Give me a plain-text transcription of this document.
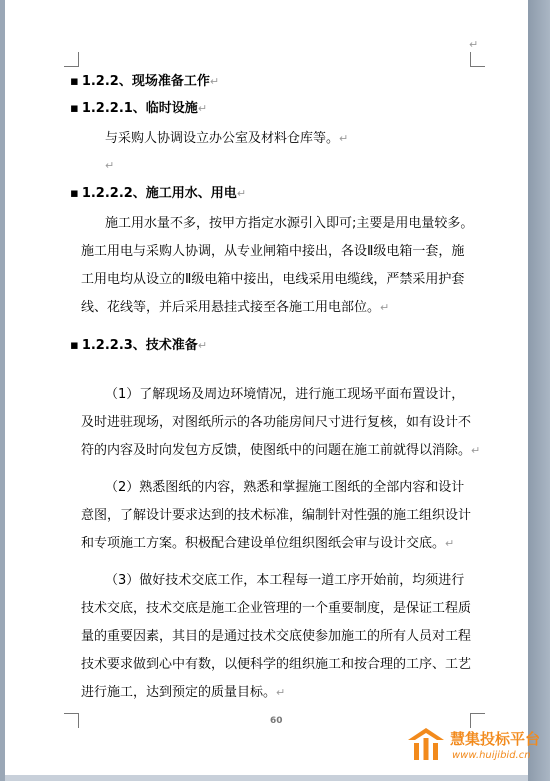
↵
▪ 1.2.2、现场准备工作↵
▪ 1.2.2.1、临时设施↵
与采购人协调设立办公室及材料仓库等。↵
↵
▪ 1.2.2.2、施工用水、用电↵
施工用水量不多，按甲方指定水源引入即可;主要是用电量较多。
施工用电与采购人协调，从专业闸箱中接出，各设Ⅱ级电箱一套，施
工用电均从设立的Ⅱ级电箱中接出，电线采用电缆线，严禁采用护套
线、花线等，并后采用悬挂式接至各施工用电部位。↵
▪ 1.2.2.3、技术准备↵
（1）了解现场及周边环境情况，进行施工现场平面布置设计，
及时进驻现场，对图纸所示的各功能房间尺寸进行复核，如有设计不
符的内容及时向发包方反馈，使图纸中的问题在施工前就得以消除。↵
（2）熟悉图纸的内容，熟悉和掌握施工图纸的全部内容和设计
意图，了解设计要求达到的技术标准，编制针对性强的施工组织设计
和专项施工方案。积极配合建设单位组织图纸会审与设计交底。↵
（3）做好技术交底工作，本工程每一道工序开始前，均须进行
技术交底，技术交底是施工企业管理的一个重要制度，是保证工程质
量的重要因素，其目的是通过技术交底使参加施工的所有人员对工程
技术要求做到心中有数，以便科学的组织施工和按合理的工序、工艺
进行施工，达到预定的质量目标。↵
60
慧集投标平台
www.huijibid.cn
